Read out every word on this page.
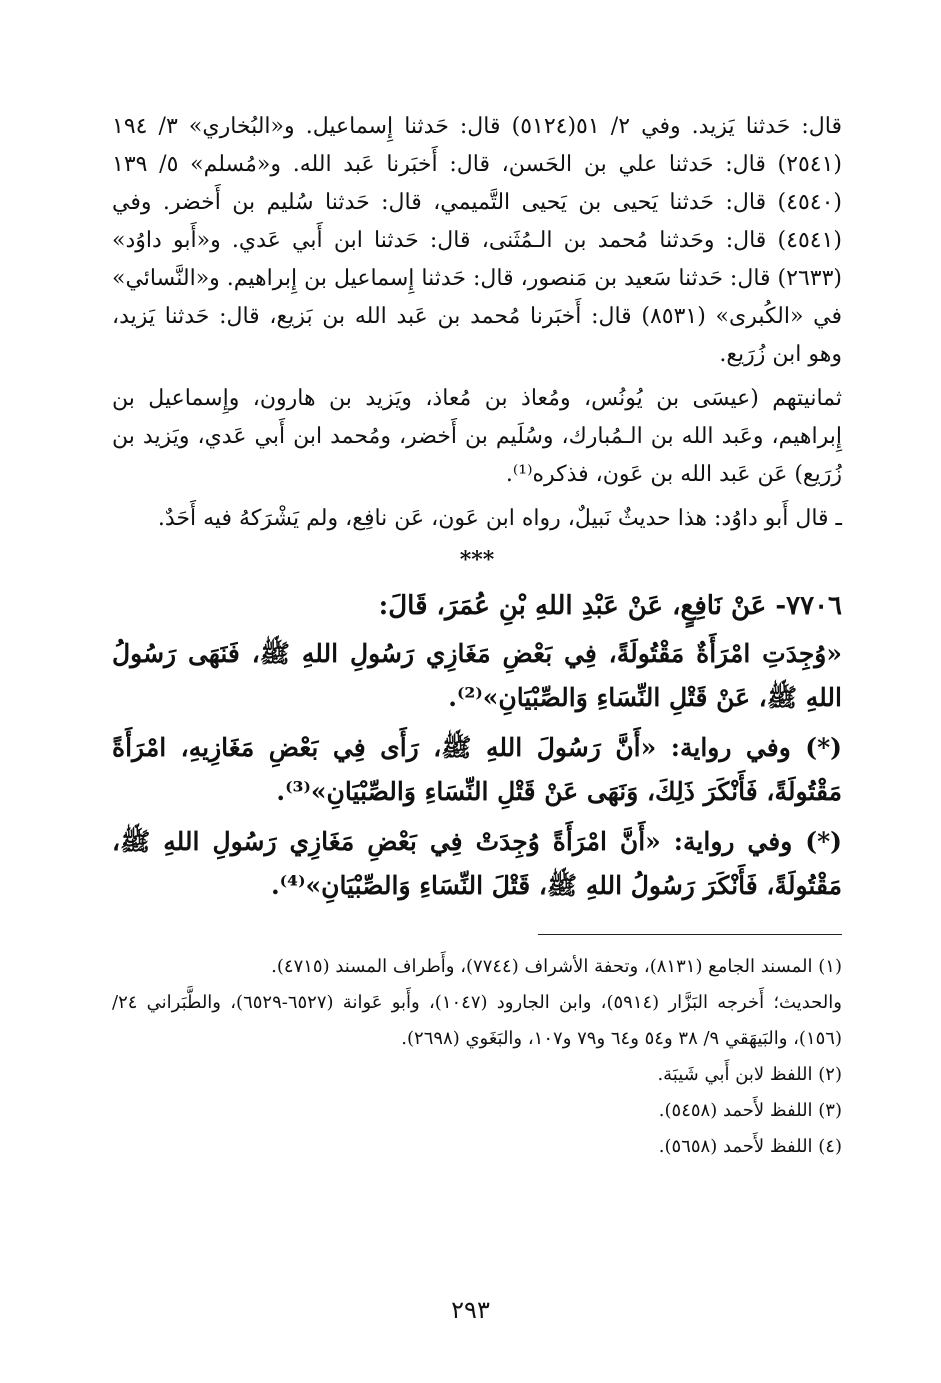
قال: حَدثنا يَزيد. وفي ٢/ ٥١(٥١٢٤) قال: حَدثنا إِسماعيل. و«البُخاري» ٣/ ١٩٤ (٢٥٤١) قال: حَدثنا علي بن الحَسن، قال: أَخبَرنا عَبد الله. و«مُسلم» ٥/ ١٣٩ (٤٥٤٠) قال: حَدثنا يَحيى بن يَحيى التَّميمي، قال: حَدثنا سُليم بن أَخضر. وفي (٤٥٤١) قال: وحَدثنا مُحمد بن الـمُثَنى، قال: حَدثنا ابن أَبي عَدي. و«أَبو داوُد» (٢٦٣٣) قال: حَدثنا سَعيد بن مَنصور، قال: حَدثنا إِسماعيل بن إِبراهيم. و«النَّسائي» في «الكُبرى» (٨٥٣١) قال: أَخبَرنا مُحمد بن عَبد الله بن بَزيع، قال: حَدثنا يَزيد، وهو ابن زُرَيع.

ثمانيتهم (عيسَى بن يُونُس، ومُعاذ بن مُعاذ، ويَزيد بن هارون، وإِسماعيل بن إِبراهيم، وعَبد الله بن الـمُبارك، وسُلَيم بن أَخضر، ومُحمد ابن أَبي عَدي، ويَزيد بن زُرَيع) عَن عَبد الله بن عَون، فذكره⁽¹⁾.

ـ قال أَبو داوُد: هذا حديثٌ نَبيلٌ، رواه ابن عَون، عَن نافِع، ولم يَشْرَكهُ فيه أَحَدٌ.

***

٧٧٠٦- عَنْ نَافِعٍ، عَنْ عَبْدِ اللهِ بْنِ عُمَرَ، قَالَ:

«وُجِدَتِ امْرَأَةٌ مَقْتُولَةً، فِي بَعْضِ مَغَازِي رَسُولِ اللهِ ﷺ، فَنَهَى رَسُولُ اللهِ ﷺ، عَنْ قَتْلِ النِّسَاءِ وَالصِّبْيَانِ»⁽²⁾.

(*) وفي رواية: «أَنَّ رَسُولَ اللهِ ﷺ، رَأَى فِي بَعْضِ مَغَازِيهِ، امْرَأَةً مَقْتُولَةً، فَأَنْكَرَ ذَلِكَ، وَنَهَى عَنْ قَتْلِ النِّسَاءِ وَالصِّبْيَانِ»⁽³⁾.

(*) وفي رواية: «أَنَّ امْرَأَةً وُجِدَتْ فِي بَعْضِ مَغَازِي رَسُولِ اللهِ ﷺ، مَقْتُولَةً، فَأَنْكَرَ رَسُولُ اللهِ ﷺ، قَتْلَ النِّسَاءِ وَالصِّبْيَانِ»⁽⁴⁾.

(١) المسند الجامع (٨١٣١)، وتحفة الأشراف (٧٧٤٤)، وأَطراف المسند (٤٧١٥).

والحديث؛ أَخرجه البَزَّار (٥٩١٤)، وابن الجارود (١٠٤٧)، وأَبو عَوانة (٦٥٢٧-٦٥٢٩)، والطَّبَراني ٢٤/ (١٥٦)، والبَيهَقي ٩/ ٣٨ و٥٤ و٦٤ و٧٩ و١٠٧، والبَغَوي (٢٦٩٨).

(٢) اللفظ لابن أَبي شَيبَة.

(٣) اللفظ لأَحمد (٥٤٥٨).

(٤) اللفظ لأَحمد (٥٦٥٨).

٢٩٣
